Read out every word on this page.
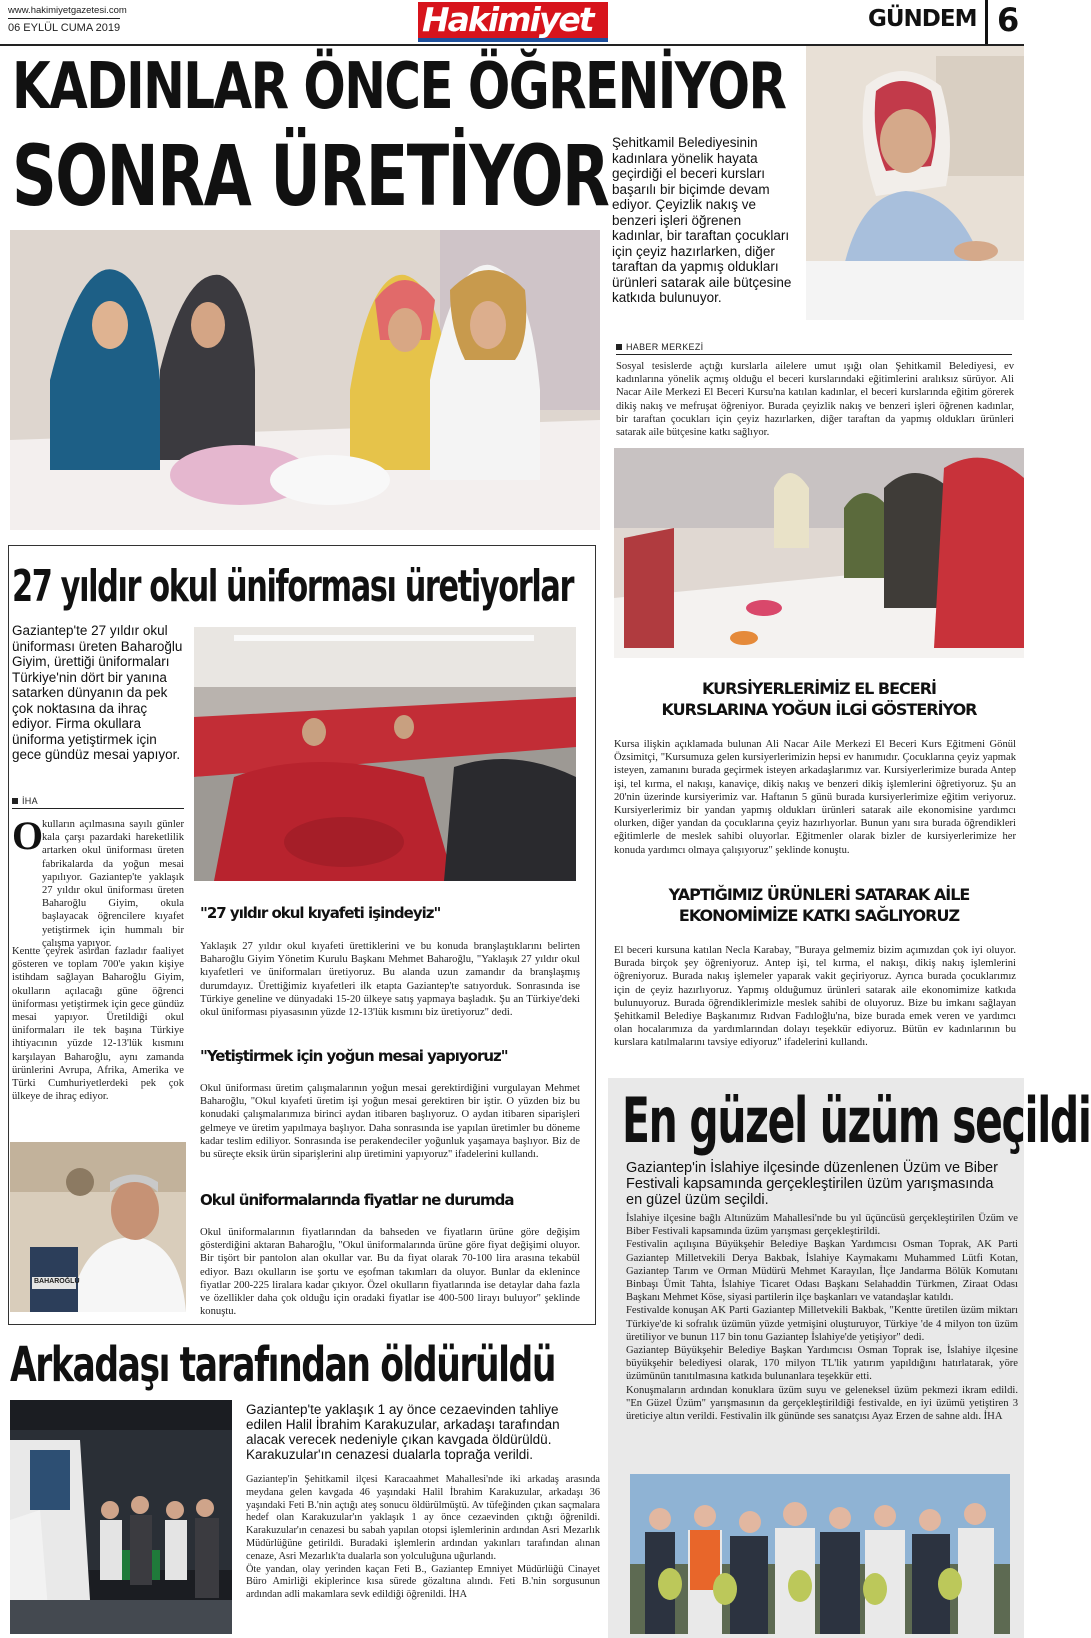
www.hakimiyetgazetesi.com
06 EYLÜL CUMA 2019	Hakimiyet	GÜNDEM 6
KADINLAR ÖNCE ÖĞRENİYOR
SONRA ÜRETİYOR Şehitkamil Belediyesinin kadınlara yönelik hayata geçirdiği el beceri kursları başarılı bir biçimde devam ediyor. Çeyizlik nakış ve benzeri işleri öğrenen kadınlar, bir taraftan çocukları için çeyiz hazırlarken, diğer taraftan da yapmış oldukları ürünleri satarak aile bütçesine katkıda bulunuyor.
HABER MERKEZİ
Sosyal tesislerde açtığı kurslarla ailelere umut ışığı olan Şehitkamil Belediyesi, ev kadınlarına yönelik açmış olduğu el beceri kurslarındaki eğitimlerini aralıksız sürüyor. Ali Nacar Aile Merkezi El Beceri Kursu'na katılan kadınlar, el beceri kurslarında eğitim görerek dikiş nakış ve mefruşat öğreniyor. Burada çeyizlik nakış ve benzeri işleri öğrenen kadınlar, bir taraftan çocukları için çeyiz hazırlarken, diğer taraftan da yapmış oldukları ürünleri satarak aile bütçesine katkı sağlıyor.
KURSİYERLERİMİZ EL BECERİ
KURSLARINA YOĞUN İLGİ GÖSTERİYOR
Kursa ilişkin açıklamada bulunan Ali Nacar Aile Merkezi El Beceri Kurs Eğitmeni Gönül Özsimitçi, "Kursumuza gelen kursiyerlerimizin hepsi ev hanımıdır. Çocuklarına çeyiz yapmak isteyen, zamanını burada geçirmek isteyen arkadaşlarımız var. Kursiyerlerimize burada Antep işi, tel kırma, el nakışı, kanaviçe, dikiş nakış ve benzeri dikiş işlemlerini öğretiyoruz. Şu an 20'nin üzerinde kursiyerimiz var. Haftanın 5 günü burada kursiyerlerimize eğitim veriyoruz. Kursiyerlerimiz bir yandan yapmış oldukları ürünleri satarak aile ekonomisine yardımcı olurken, diğer yandan da çocuklarına çeyiz hazırlıyorlar. Bunun yanı sıra burada öğrendikleri eğitimlerle de meslek sahibi oluyorlar. Eğitmenler olarak bizler de kursiyerlerimize her konuda yardımcı olmaya çalışıyoruz" şeklinde konuştu.
YAPTIĞIMIZ ÜRÜNLERİ SATARAK AİLE
EKONOMİMİZE KATKI SAĞLIYORUZ
El beceri kursuna katılan Necla Karabay, "Buraya gelmemiz bizim açımızdan çok iyi oluyor. Burada birçok şey öğreniyoruz. Antep işi, tel kırma, el nakışı, dikiş nakış işlemlerini öğreniyoruz. Burada nakış işlemeler yaparak vakit geçiriyoruz. Ayrıca burada çocuklarımız için de çeyiz hazırlıyoruz. Yapmış olduğumuz ürünleri satarak aile ekonomimize katkıda bulunuyoruz. Burada öğrendiklerimizle meslek sahibi de oluyoruz. Bize bu imkanı sağlayan Şehitkamil Belediye Başkanımız Rıdvan Fadıloğlu'na, bize burada emek veren ve yardımcı olan hocalarımıza da yardımlarından dolayı teşekkür ediyoruz. Bütün ev kadınlarının bu kurslara katılmalarını tavsiye ediyoruz" ifadelerini kullandı.
27 yıldır okul üniforması üretiyorlar
Gaziantep'te 27 yıldır okul üniforması üreten Baharoğlu Giyim, ürettiği üniformaları Türkiye'nin dört bir yanına satarken dünyanın da pek çok noktasına da ihraç ediyor. Firma okullara üniforma yetiştirmek için gece gündüz mesai yapıyor.
İHA
O
kulların açılmasına sayılı günler kala çarşı pazardaki hareketlilik artarken okul üniforması üreten fabrikalarda da yoğun mesai yapılıyor. Gaziantep'te yaklaşık 27 yıldır okul üniforması üreten Baharoğlu Giyim, okula başlayacak öğrencilere kıyafet yetiştirmek için hummalı bir çalışma yapıyor.
Kentte çeyrek asırdan fazladır faaliyet gösteren ve toplam 700'e yakın kişiye istihdam sağlayan Baharoğlu Giyim, okulların açılacağı güne öğrenci üniforması yetiştirmek için gece gündüz mesai yapıyor. Üretildiği okul üniformaları ile tek başına Türkiye ihtiyacının yüzde 12-13'lük kısmını karşılayan Baharoğlu, aynı zamanda ürünlerini Avrupa, Afrika, Amerika ve Türki Cumhuriyetlerdeki pek çok ülkeye de ihraç ediyor.
"27 yıldır okul kıyafeti işindeyiz"
Yaklaşık 27 yıldır okul kıyafeti ürettiklerini ve bu konuda branşlaştıklarını belirten Baharoğlu Giyim Yönetim Kurulu Başkanı Mehmet Baharoğlu, "Yaklaşık 27 yıldır okul kıyafetleri ve üniformaları üretiyoruz. Bu alanda uzun zamandır da branşlaşmış durumdayız. Ürettiğimiz kıyafetleri ilk etapta Gaziantep'te satıyorduk. Sonrasında ise Türkiye geneline ve dünyadaki 15-20 ülkeye satış yapmaya başladık. Şu an Türkiye'deki okul üniforması piyasasının yüzde 12-13'lük kısmını biz üretiyoruz" dedi.
"Yetiştirmek için yoğun mesai yapıyoruz"
Okul üniforması üretim çalışmalarının yoğun mesai gerektirdiğini vurgulayan Mehmet Baharoğlu, "Okul kıyafeti üretim işi yoğun mesai gerektiren bir iştir. O yüzden biz bu konudaki çalışmalarımıza birinci aydan itibaren başlıyoruz. O aydan itibaren siparişleri gelmeye ve üretim yapılmaya başlıyor. Daha sonrasında ise yapılan üretimler bu döneme kadar teslim ediliyor. Sonrasında ise perakendeciler yoğunluk yaşamaya başlıyor. Biz de bu süreçte eksik ürün siparişlerini alıp üretimini yapıyoruz" ifadelerini kullandı.
Okul üniformalarında fiyatlar ne durumda
Okul üniformalarının fiyatlarından da bahseden ve fiyatların ürüne göre değişim gösterdiğini aktaran Baharoğlu, "Okul üniformalarında ürüne göre fiyat değişimi oluyor. Bir tişört bir pantolon alan okullar var. Bu da fiyat olarak 70-100 lira arasına tekabül ediyor. Bazı okulların ise şortu ve eşofman takımları da oluyor. Bunlar da eklenince fiyatlar 200-225 liralara kadar çıkıyor. Özel okulların fiyatlarında ise detaylar daha fazla ve özellikler daha çok olduğu için oradaki fiyatlar ise 400-500 lirayı buluyor" şeklinde konuştu.
BAHAROĞLU
En güzel üzüm seçildi
Gaziantep'in İslahiye ilçesinde düzenlenen Üzüm ve Biber Festivali kapsamında gerçekleştirilen üzüm yarışmasında en güzel üzüm seçildi.
İslahiye ilçesine bağlı Altınüzüm Mahallesi'nde bu yıl üçüncüsü gerçekleştirilen Üzüm ve Biber Festivali kapsamında üzüm yarışması gerçekleştirildi.
Festivalin açılışına Büyükşehir Belediye Başkan Yardımcısı Osman Toprak, AK Parti Gaziantep Milletvekili Derya Bakbak, İslahiye Kaymakamı Muhammed Lütfi Kotan, Gaziantep Tarım ve Orman Müdürü Mehmet Karayılan, İlçe Jandarma Bölük Komutanı Binbaşı Ümit Tahta, İslahiye Ticaret Odası Başkanı Selahaddin Türkmen, Ziraat Odası Başkanı Mehmet Köse, siyasi partilerin ilçe başkanları ve vatandaşlar katıldı.
Festivalde konuşan AK Parti Gaziantep Milletvekili Bakbak, "Kentte üretilen üzüm miktarı Türkiye'de ki sofralık üzümün yüzde yetmişini oluşturuyor, Türkiye 'de 4 milyon ton üzüm üretiliyor ve bunun 117 bin tonu Gaziantep İslahiye'de yetişiyor" dedi.
Gaziantep Büyükşehir Belediye Başkan Yardımcısı Osman Toprak ise, İslahiye ilçesine büyükşehir belediyesi olarak, 170 milyon TL'lik yatırım yapıldığını hatırlatarak, yöre üzümünün tanıtılmasına katkıda bulunanlara teşekkür etti.
Konuşmaların ardından konuklara üzüm suyu ve geleneksel üzüm pekmezi ikram edildi. "En Güzel Üzüm" yarışmasının da gerçekleştirildiği festivalde, en iyi üzümü yetiştiren 3 üreticiye altın verildi. Festivalin ilk gününde ses sanatçısı Ayaz Erzen de sahne aldı. İHA
Arkadaşı tarafından öldürüldü
Gaziantep'te yaklaşık 1 ay önce cezaevinden tahliye edilen Halil İbrahim Karakuzular, arkadaşı tarafından alacak verecek nedeniyle çıkan kavgada öldürüldü. Karakuzular'ın cenazesi dualarla toprağa verildi.
Gaziantep'in Şehitkamil ilçesi Karacaahmet Mahallesi'nde iki arkadaş arasında meydana gelen kavgada 46 yaşındaki Halil İbrahim Karakuzular, arkadaşı 36 yaşındaki Feti B.'nin açtığı ateş sonucu öldürülmüştü. Av tüfeğinden çıkan saçmalara hedef olan Karakuzular'ın yaklaşık 1 ay önce cezaevinden çıktığı öğrenildi. Karakuzular'ın cenazesi bu sabah yapılan otopsi işlemlerinin ardından Asri Mezarlık Müdürlüğüne getirildi. Buradaki işlemlerin ardından yakınları tarafından alınan cenaze, Asri Mezarlık'ta dualarla son yolculuğuna uğurlandı.
Öte yandan, olay yerinden kaçan Feti B., Gaziantep Emniyet Müdürlüğü Cinayet Büro Amirliği ekiplerince kısa sürede gözaltına alındı. Feti B.'nin sorgusunun ardından adli makamlara sevk edildiği öğrenildi. İHA
